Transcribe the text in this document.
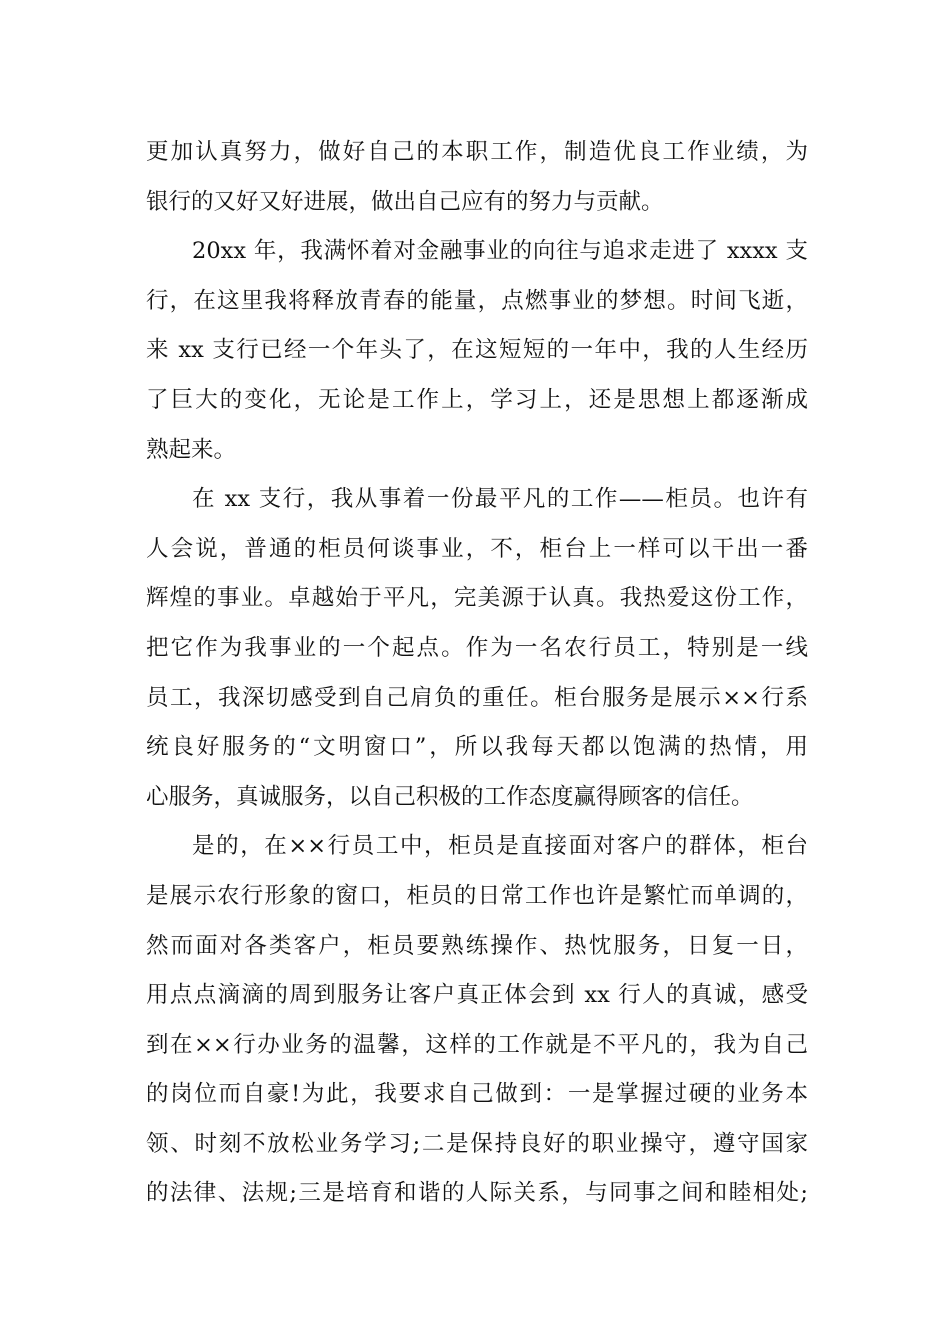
更加认真努力，做好自己的本职工作，制造优良工作业绩，为
银行的又好又好进展，做出自己应有的努力与贡献。
20xx 年，我满怀着对金融事业的向往与追求走进了 xxxx 支
行，在这里我将释放青春的能量，点燃事业的梦想。时间飞逝，
来 xx 支行已经一个年头了，在这短短的一年中，我的人生经历
了巨大的变化，无论是工作上，学习上，还是思想上都逐渐成
熟起来。
在 xx 支行，我从事着一份最平凡的工作——柜员。也许有
人会说，普通的柜员何谈事业，不，柜台上一样可以干出一番
辉煌的事业。卓越始于平凡，完美源于认真。我热爱这份工作，
把它作为我事业的一个起点。作为一名农行员工，特别是一线
员工，我深切感受到自己肩负的重任。柜台服务是展示××行系
统良好服务的“文明窗口”，所以我每天都以饱满的热情，用
心服务，真诚服务，以自己积极的工作态度赢得顾客的信任。
是的，在××行员工中，柜员是直接面对客户的群体，柜台
是展示农行形象的窗口，柜员的日常工作也许是繁忙而单调的，
然而面对各类客户，柜员要熟练操作、热忱服务，日复一日，
用点点滴滴的周到服务让客户真正体会到 xx 行人的真诚，感受
到在××行办业务的温馨，这样的工作就是不平凡的，我为自己
的岗位而自豪!为此，我要求自己做到：一是掌握过硬的业务本
领、时刻不放松业务学习;二是保持良好的职业操守，遵守国家
的法律、法规;三是培育和谐的人际关系，与同事之间和睦相处;
